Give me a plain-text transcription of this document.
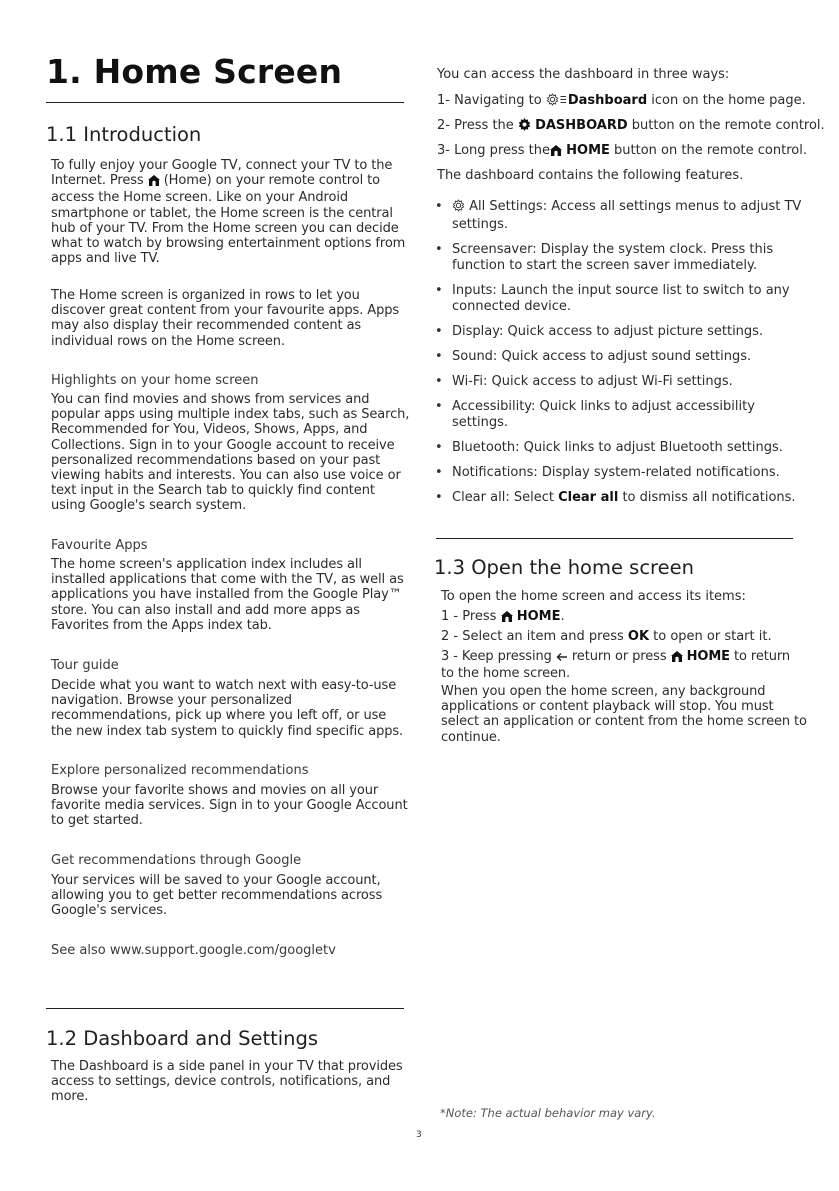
1. Home Screen
1.1 Introduction
To fully enjoy your Google TV, connect your TV to the Internet. Press (Home) on your remote control to access the Home screen. Like on your Android smartphone or tablet, the Home screen is the central hub of your TV. From the Home screen you can decide what to watch by browsing entertainment options from apps and live TV.
The Home screen is organized in rows to let you discover great content from your favourite apps. Apps may also display their recommended content as individual rows on the Home screen.
Highlights on your home screen
You can find movies and shows from services and popular apps using multiple index tabs, such as Search, Recommended for You, Videos, Shows, Apps, and Collections. Sign in to your Google account to receive personalized recommendations based on your past viewing habits and interests. You can also use voice or text input in the Search tab to quickly find content using Google's search system.
Favourite Apps
The home screen's application index includes all installed applications that come with the TV, as well as applications you have installed from the Google Play™ store. You can also install and add more apps as Favorites from the Apps index tab.
Tour guide
Decide what you want to watch next with easy-to-use navigation. Browse your personalized recommendations, pick up where you left off, or use the new index tab system to quickly find specific apps.
Explore personalized recommendations
Browse your favorite shows and movies on all your favorite media services. Sign in to your Google Account to get started.
Get recommendations through Google
Your services will be saved to your Google account, allowing you to get better recommendations across Google's services.
See also www.support.google.com/googletv
1.2 Dashboard and Settings
The Dashboard is a side panel in your TV that provides access to settings, device controls, notifications, and more.
You can access the dashboard in three ways:
1- Navigating to Dashboard icon on the home page.
2- Press the DASHBOARD button on the remote control.
3- Long press the HOME button on the remote control.
The dashboard contains the following features.
• All Settings: Access all settings menus to adjust TV settings.
• Screensaver: Display the system clock. Press this function to start the screen saver immediately.
• Inputs: Launch the input source list to switch to any connected device.
• Display: Quick access to adjust picture settings.
• Sound: Quick access to adjust sound settings.
• Wi-Fi: Quick access to adjust Wi-Fi settings.
• Accessibility: Quick links to adjust accessibility settings.
• Bluetooth: Quick links to adjust Bluetooth settings.
• Notifications: Display system-related notifications.
• Clear all: Select Clear all to dismiss all notifications.
1.3 Open the home screen
To open the home screen and access its items:
1 - Press HOME.
2 - Select an item and press OK to open or start it.
3 - Keep pressing return or press HOME to return to the home screen.
When you open the home screen, any background applications or content playback will stop. You must select an application or content from the home screen to continue.
*Note: The actual behavior may vary.
3
